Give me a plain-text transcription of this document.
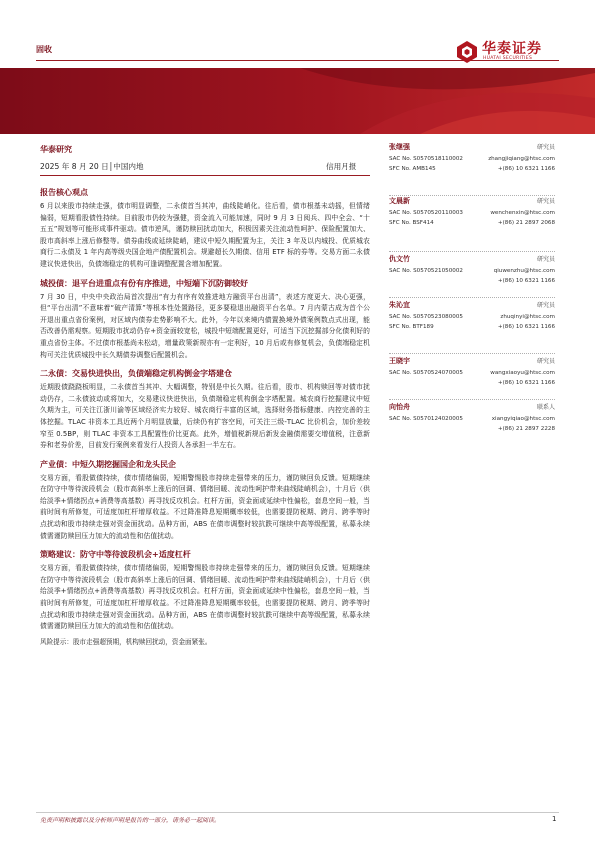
固收	华泰证券
HUATAI SECURITIES
偏弱情绪下中短端信用占优
华泰研究
2025 年 8 月 20 日│中国内地	信用月报
报告核心观点
6 月以来股市持续走强，债市明显调整，二永债首当其冲，曲线陡峭化。往后看，债市根基未动摇，但情绪偏弱，短期看股债性持续。目前股市仍较为强健，资金流入可能加速，同时 9 月 3 日阅兵、四中全会、“十五五”规划等可能形成事件驱动。债市逆风，谨防赎回扰动加大，积极因素关注流动性呵护、保险配置加大、股市高斜率上涨后修整等。债券曲线或延续陡峭，建议中短久期配置为主，关注 3 年及以内城投、优质城农商行二永债及 1 年内高等级央国企地产债配置机会。规避超长久期债、信用 ETF 标的券等。交易方面二永债建议快进快出，负债端稳定的机构可逢调整配置含增加配置。
城投债：退平台进重点有份有序推进，中短端下沉防御较好
7 月 30 日，中央中央政治局首次提出“有力有序有效推进地方融资平台出清”，表述方度更大、决心更强，但“平台出清”不意味着“破产清算”等根本性处置路径，更多要稳退出融资平台名单。7 月内蒙古成为首个公开退出重点省份案例，对区域内债券走势影响不大。此外，今年以来境内债置换境外债案例数点式出现，能否改善仍需观察。短期股市扰动仍存+资金面较宽松，城投中短端配置更好，可适当下沉挖掘部分化债利好的重点省份主体。不过债市根基尚未松动，增量政策新规亦有一定利好，10 月后或有修复机会，负债端稳定机构可关注优质城投中长久期债券调整后配置机会。
二永债：交易快进快出，负债端稳定机构倒金字塔建仓
近期股债跷跷板明显，二永债首当其冲、大幅调整，特别是中长久期。往后看，股市、机构赎回等对债市扰动仍存，二永债波动或将加大，交易建议快进快出，负债端稳定机构倒金字塔配置。城农商行挖掘建议中短久期为主，可关注江浙川渝等区域经济实力较好、城农商行丰富的区域，选择财务指标健康、内控完善的主体挖掘。TLAC 非资本工具近两个月明显放量，后续仍有扩容空间，可关注三级-TLAC 比价机会，加价差较窄至 0.5BP，则 TLAC 非资本工具配置性价比更高。此外，增值税新规后新发金融债需要交增值税，注意新券和老券价差，目前发行案例来看发行人投资人各承担一半左右。
产业债：中短久期挖掘国企和龙头民企
交易方面，看股做债持续，债市情绪偏弱，短期警惕股市持续走强带来的压力，谨防赎回负反馈。短期继续在防守中等待波段机会（股市高斜率上涨后的回调、情绪回暖、流动性呵护带来曲线陡峭机会），十月后（供给淡季+情绪拐点+消费等高基数）再寻找反攻机会。杠杆方面，资金面或延续中性偏松，套息空间一般，当前时间有所修复，可适度加杠杆增厚收益。不过降准降息短期概率较低，也需要提防税期、跨月、跨季等时点扰动和股市持续走强对资金面扰动。品种方面，ABS 在债市调整时较抗跌可继续中高等级配置，私募永续债需谨防赎回压力加大的流动性和估值扰动。
策略建议：防守中等待波段机会+适度杠杆
交易方面，看股做债持续，债市情绪偏弱，短期警惕股市持续走强带来的压力，谨防赎回负反馈。短期继续在防守中等待波段机会（股市高斜率上涨后的回调、情绪回暖、流动性呵护带来曲线陡峭机会），十月后（供给淡季+情绪拐点+消费等高基数）再寻找反攻机会。杠杆方面，资金面或延续中性偏松，套息空间一般，当前时间有所修复，可适度加杠杆增厚收益。不过降准降息短期概率较低，也需要提防税期、跨月、跨季等时点扰动和股市持续走强对资金面扰动。品种方面，ABS 在债市调整时较抗跌可继续中高等级配置，私募永续债需谨防赎回压力加大的流动性和估值扰动。
风险提示：股市走强超预期，机构赎回扰动，资金面紧张。
张继强	研究员
SAC No. S0570518110002	zhangjiqiang@htsc.com
SFC No. AMB145	+(86) 10 6321 1166
文晨新	研究员
SAC No. S0570520110003	wenchenxin@htsc.com
SFC No. BSF414	+(86) 21 2897 2068
仇文竹	研究员
SAC No. S0570521050002	qiuwenzhu@htsc.com
+(86) 10 6321 1166
朱沁宜	研究员
SAC No. S0570523080005	zhuqinyi@htsc.com
SFC No. BTF189	+(86) 10 6321 1166
王晓宇	研究员
SAC No. S0570524070005	wangxiaoyu@htsc.com
+(86) 10 6321 1166
向怡舟	联系人
SAC No. S0570124020005	xiangyiqiao@htsc.com
+(86) 21 2897 2228
免责声明和披露以及分析师声明是报告的一部分，请务必一起阅读。	1
